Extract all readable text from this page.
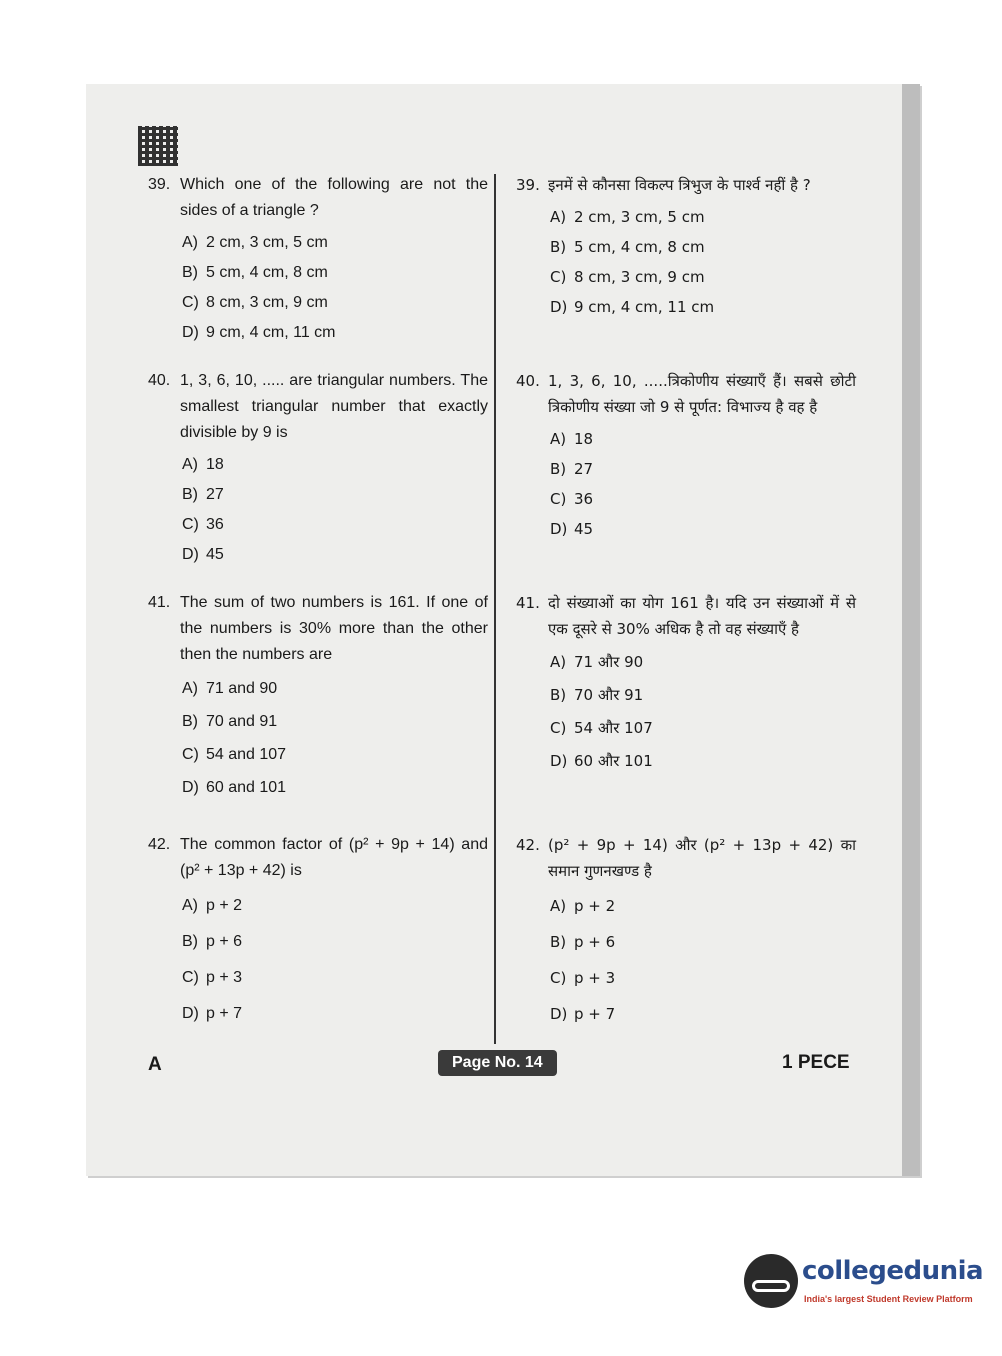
39. Which one of the following are not the sides of a triangle ?
A) 2 cm, 3 cm, 5 cm
B) 5 cm, 4 cm, 8 cm
C) 8 cm, 3 cm, 9 cm
D) 9 cm, 4 cm, 11 cm
40. 1, 3, 6, 10, ..... are triangular numbers. The smallest triangular number that exactly divisible by 9 is
A) 18
B) 27
C) 36
D) 45
41. The sum of two numbers is 161. If one of the numbers is 30% more than the other then the numbers are
A) 71 and 90
B) 70 and 91
C) 54 and 107
D) 60 and 101
42. The common factor of (p² + 9p + 14) and (p² + 13p + 42) is
A) p + 2
B) p + 6
C) p + 3
D) p + 7
39. इनमें से कौनसा विकल्प त्रिभुज के पार्श्व नहीं है ?
A) 2 cm, 3 cm, 5 cm
B) 5 cm, 4 cm, 8 cm
C) 8 cm, 3 cm, 9 cm
D) 9 cm, 4 cm, 11 cm
40. 1, 3, 6, 10, .....त्रिकोणीय संख्याएँ हैं। सबसे छोटी त्रिकोणीय संख्या जो 9 से पूर्णत: विभाज्य है वह है
A) 18
B) 27
C) 36
D) 45
41. दो संख्याओं का योग 161 है। यदि उन संख्याओं में से एक दूसरे से 30% अधिक है तो वह संख्याएँ है
A) 71 और 90
B) 70 और 91
C) 54 और 107
D) 60 और 101
42. (p² + 9p + 14) और (p² + 13p + 42) का समान गुणनखण्ड है
A) p + 2
B) p + 6
C) p + 3
D) p + 7
A	Page No. 14	1 PECE
collegedunia
India's largest Student Review Platform
